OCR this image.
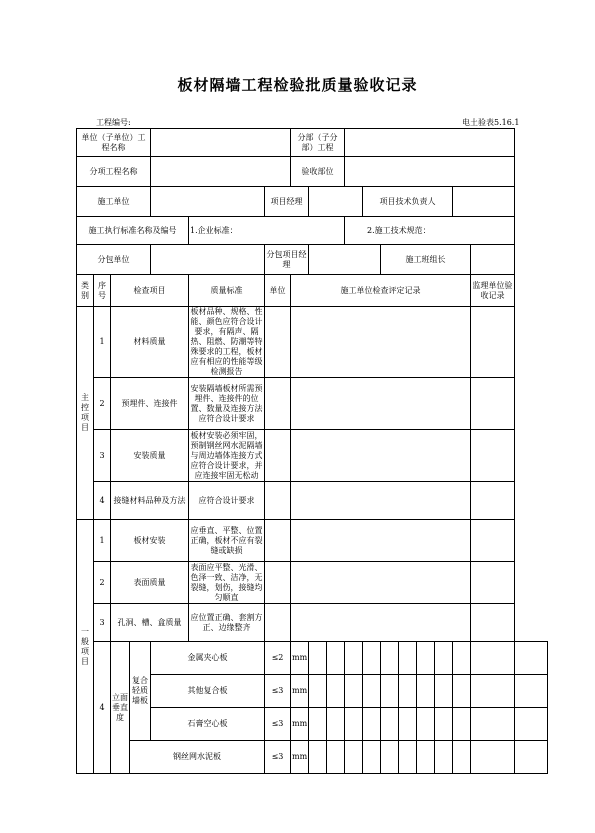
板材隔墙工程检验批质量验收记录
工程编号:	电土验表5.16.1
单位（子单位）工程名称							分部（子分部）工程											
分项工程名称							验收部位											
施工单位						项目经理					项目技术负责人							
施工执行标准名称及编号					1.企业标准：					2.施工技术规范：								
分包单位						分包项目经理						施工班组长						
类别	序号	检查项目			质量标准	单位	施工单位检查评定记录										监理单位验收记录	
主控项目	1	材料质量			板材品种、规格、性能、颜色应符合设计要求，有隔声、隔热、阻燃、防潮等特殊要求的工程，板材应有相应的性能等级检测报告													
	2	预埋件、连接件			安装隔墙板材所需预埋件、连接件的位置、数量及连接方法应符合设计要求													
	3	安装质量			板材安装必须牢固，预制钢丝网水泥隔墙与周边墙体连接方式应符合设计要求，并应连接牢固无松动													
	4	接缝材料品种及方法			应符合设计要求													
一般项目	1	板材安装			应垂直、平整、位置正确，板材不应有裂缝或缺损													
	2	表面质量			表面应平整、光滑、色泽一致、洁净，无裂缝，划伤，接缝均匀顺直													
	3	孔洞、槽、盒质量			应位置正确、套割方正、边缘整齐													
	4	立面垂直度	复合轻质墙板	金属夹心板		≤2	mm											
				其他复合板		≤3	mm											
				石膏空心板		≤3	mm											
			钢丝网水泥板			≤3	mm											
